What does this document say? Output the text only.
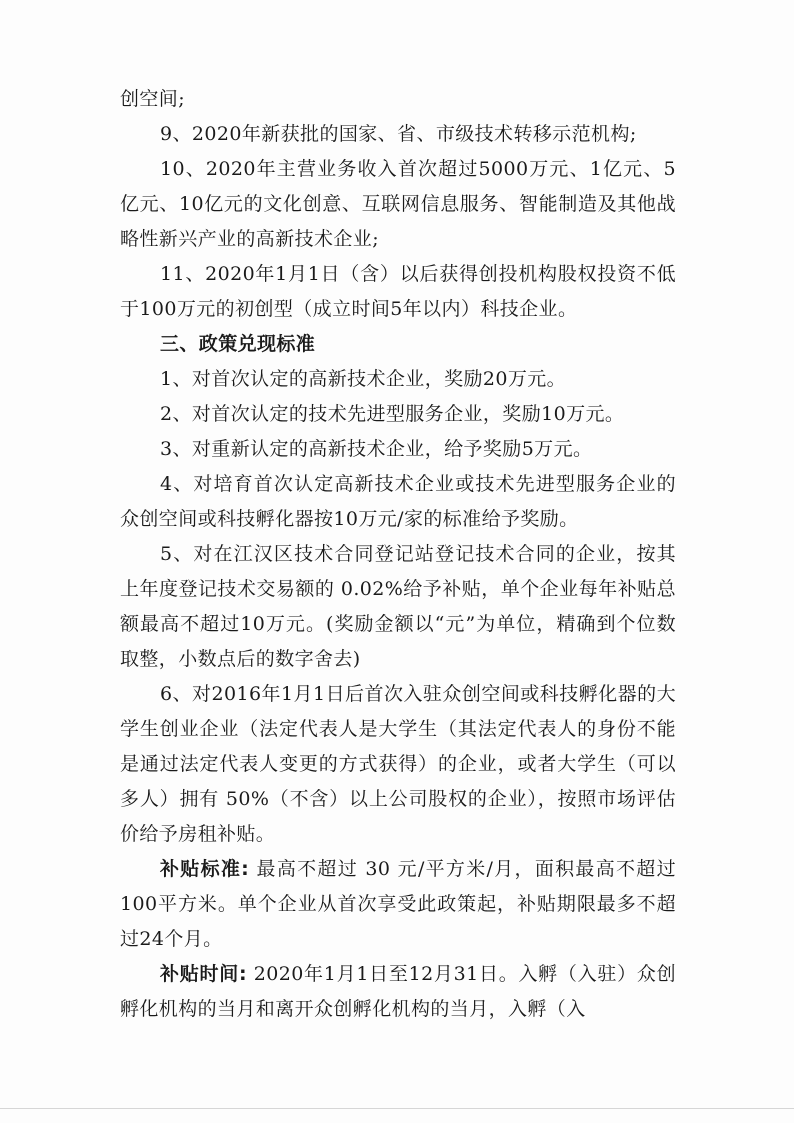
创空间;

9、2020年新获批的国家、省、市级技术转移示范机构;

10、2020年主营业务收入首次超过5000万元、1亿元、5亿元、10亿元的文化创意、互联网信息服务、智能制造及其他战略性新兴产业的高新技术企业;

11、2020年1月1日（含）以后获得创投机构股权投资不低于100万元的初创型（成立时间5年以内）科技企业。

三、政策兑现标准

1、对首次认定的高新技术企业，奖励20万元。

2、对首次认定的技术先进型服务企业，奖励10万元。

3、对重新认定的高新技术企业，给予奖励5万元。

4、对培育首次认定高新技术企业或技术先进型服务企业的众创空间或科技孵化器按10万元/家的标准给予奖励。

5、对在江汉区技术合同登记站登记技术合同的企业，按其上年度登记技术交易额的 0.02%给予补贴，单个企业每年补贴总额最高不超过10万元。(奖励金额以“元”为单位，精确到个位数取整，小数点后的数字舍去)

6、对2016年1月1日后首次入驻众创空间或科技孵化器的大学生创业企业（法定代表人是大学生（其法定代表人的身份不能是通过法定代表人变更的方式获得）的企业，或者大学生（可以多人）拥有 50%（不含）以上公司股权的企业），按照市场评估价给予房租补贴。

补贴标准: 最高不超过 30 元/平方米/月，面积最高不超过100平方米。单个企业从首次享受此政策起，补贴期限最多不超过24个月。

补贴时间: 2020年1月1日至12月31日。入孵（入驻）众创孵化机构的当月和离开众创孵化机构的当月，入孵（入
